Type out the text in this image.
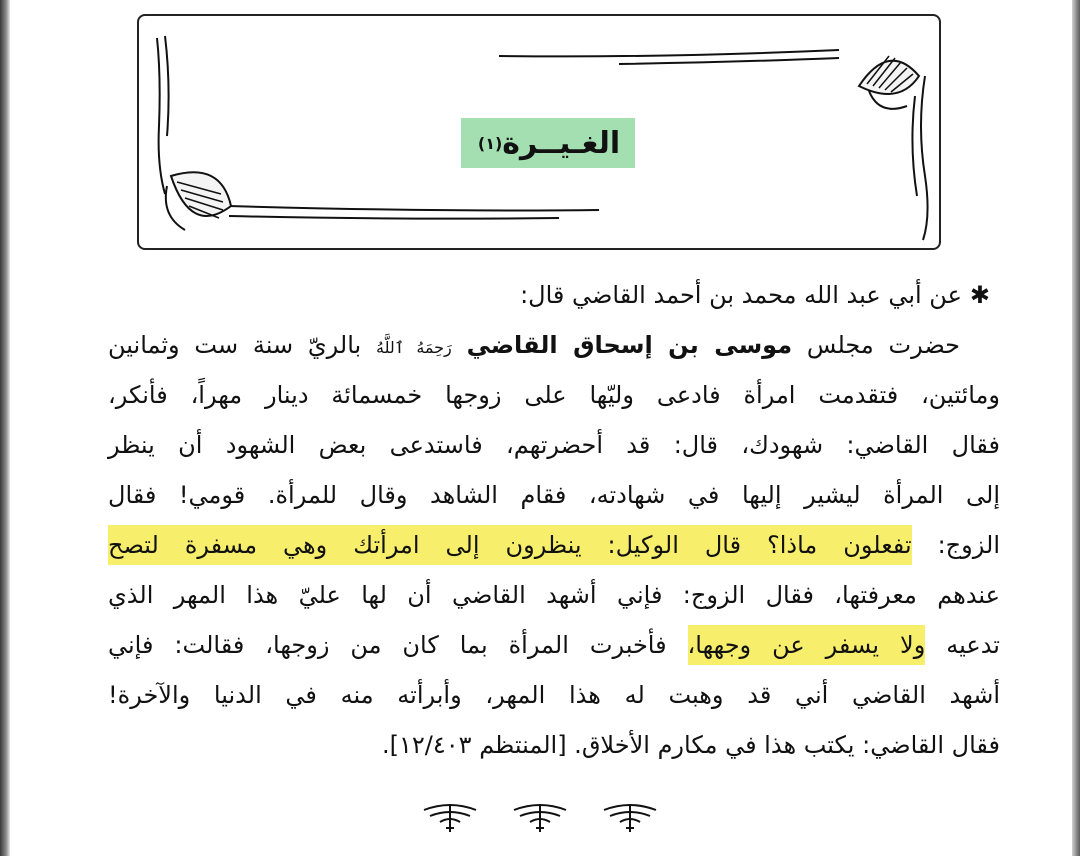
الغـيــرة
(١)
✱عن أبي عبد الله محمد بن أحمد القاضي قال:
حضرت مجلس موسى بن إسحاق القاضي رَحِمَهُ ٱللَّهُ بالريّ سنة ست وثمانين
ومائتين، فتقدمت امرأة فادعى وليّها على زوجها خمسمائة دينار مهراً، فأنكر،
فقال القاضي: شهودك، قال: قد أحضرتهم، فاستدعى بعض الشهود أن ينظر
إلى المرأة ليشير إليها في شهادته، فقام الشاهد وقال للمرأة. قومي! فقال
الزوج: تفعلون ماذا؟ قال الوكيل: ينظرون إلى امرأتك وهي مسفرة لتصح
عندهم معرفتها، فقال الزوج: فإني أشهد القاضي أن لها عليّ هذا المهر الذي
تدعيه ولا يسفر عن وجهها، فأخبرت المرأة بما كان من زوجها، فقالت: فإني
أشهد القاضي أني قد وهبت له هذا المهر، وأبرأته منه في الدنيا والآخرة!
فقال القاضي: يكتب هذا في مكارم الأخلاق. [المنتظم ١٢/٤٠٣].
